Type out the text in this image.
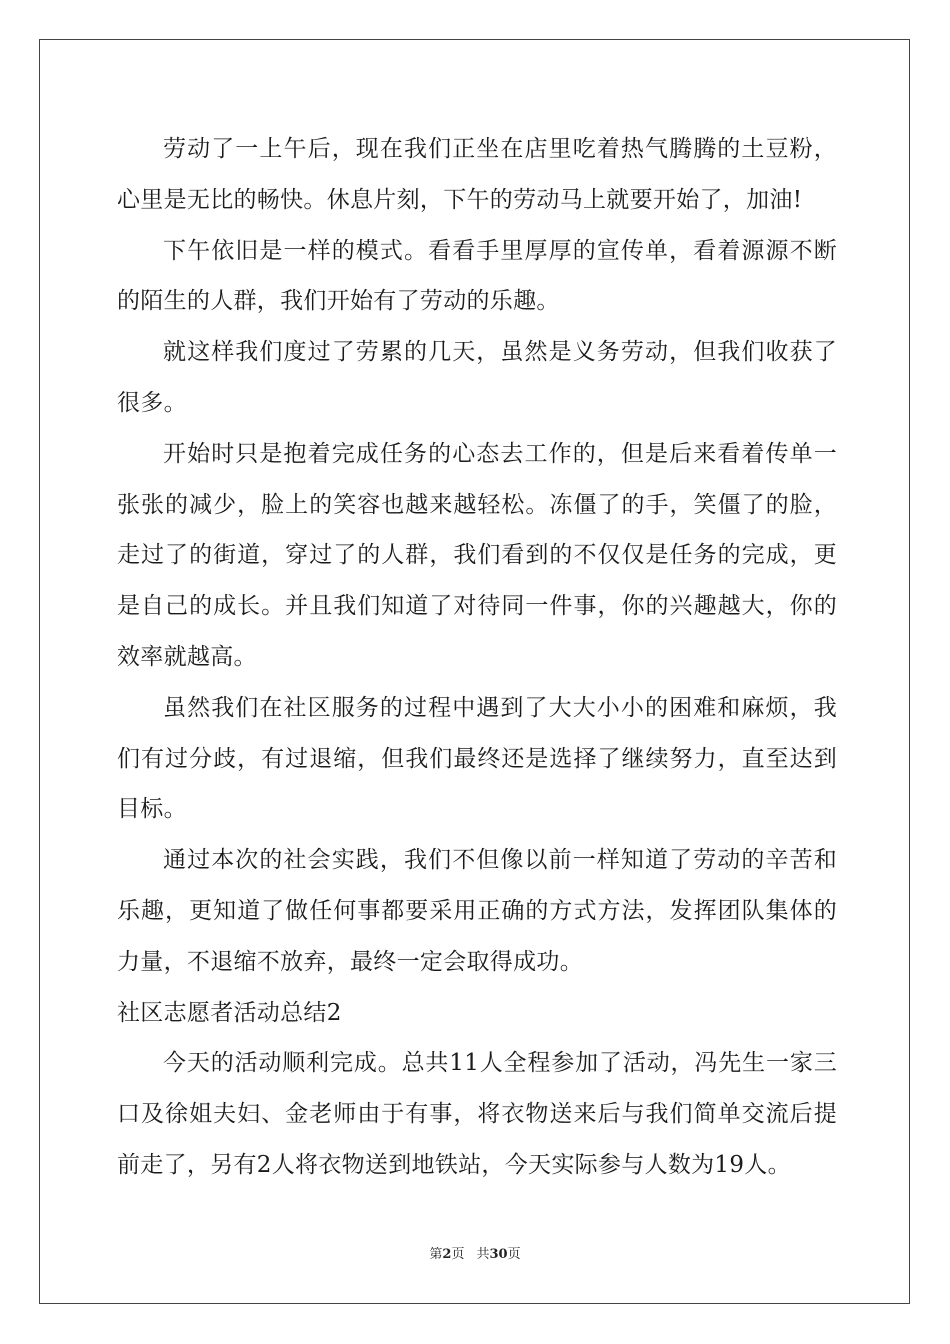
劳动了一上午后，现在我们正坐在店里吃着热气腾腾的土豆粉，心里是无比的畅快。休息片刻，下午的劳动马上就要开始了，加油!

下午依旧是一样的模式。看看手里厚厚的宣传单，看着源源不断的陌生的人群，我们开始有了劳动的乐趣。

就这样我们度过了劳累的几天，虽然是义务劳动，但我们收获了很多。

开始时只是抱着完成任务的心态去工作的，但是后来看着传单一张张的减少，脸上的笑容也越来越轻松。冻僵了的手，笑僵了的脸，走过了的街道，穿过了的人群，我们看到的不仅仅是任务的完成，更是自己的成长。并且我们知道了对待同一件事，你的兴趣越大，你的效率就越高。

虽然我们在社区服务的过程中遇到了大大小小的困难和麻烦，我们有过分歧，有过退缩，但我们最终还是选择了继续努力，直至达到目标。

通过本次的社会实践，我们不但像以前一样知道了劳动的辛苦和乐趣，更知道了做任何事都要采用正确的方式方法，发挥团队集体的力量，不退缩不放弃，最终一定会取得成功。

社区志愿者活动总结2

今天的活动顺利完成。总共11人全程参加了活动，冯先生一家三口及徐姐夫妇、金老师由于有事，将衣物送来后与我们简单交流后提前走了，另有2人将衣物送到地铁站，今天实际参与人数为19人。

第2页 共30页
